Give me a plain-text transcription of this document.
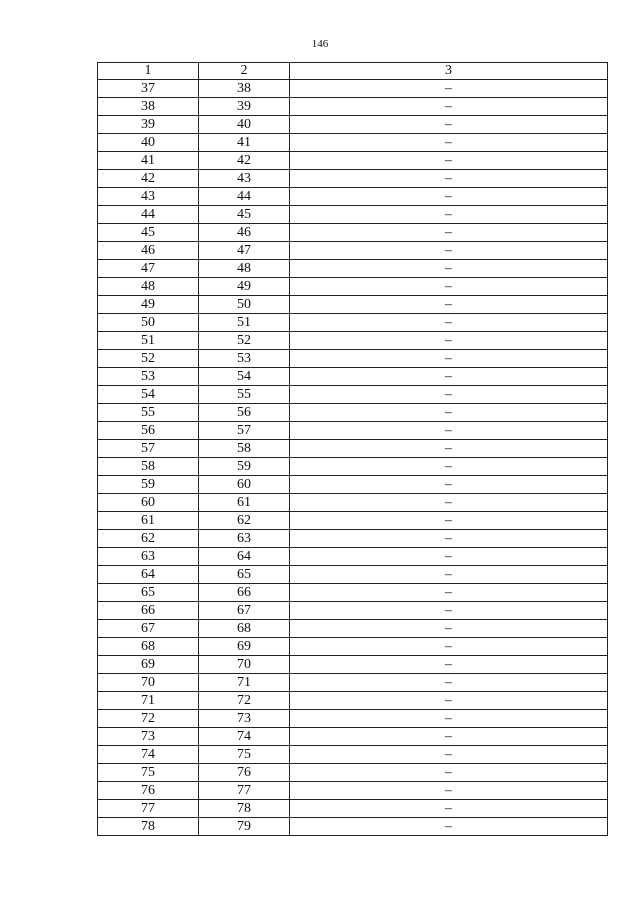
146
1	2	3
37	38	–
38	39	–
39	40	–
40	41	–
41	42	–
42	43	–
43	44	–
44	45	–
45	46	–
46	47	–
47	48	–
48	49	–
49	50	–
50	51	–
51	52	–
52	53	–
53	54	–
54	55	–
55	56	–
56	57	–
57	58	–
58	59	–
59	60	–
60	61	–
61	62	–
62	63	–
63	64	–
64	65	–
65	66	–
66	67	–
67	68	–
68	69	–
69	70	–
70	71	–
71	72	–
72	73	–
73	74	–
74	75	–
75	76	–
76	77	–
77	78	–
78	79	–
